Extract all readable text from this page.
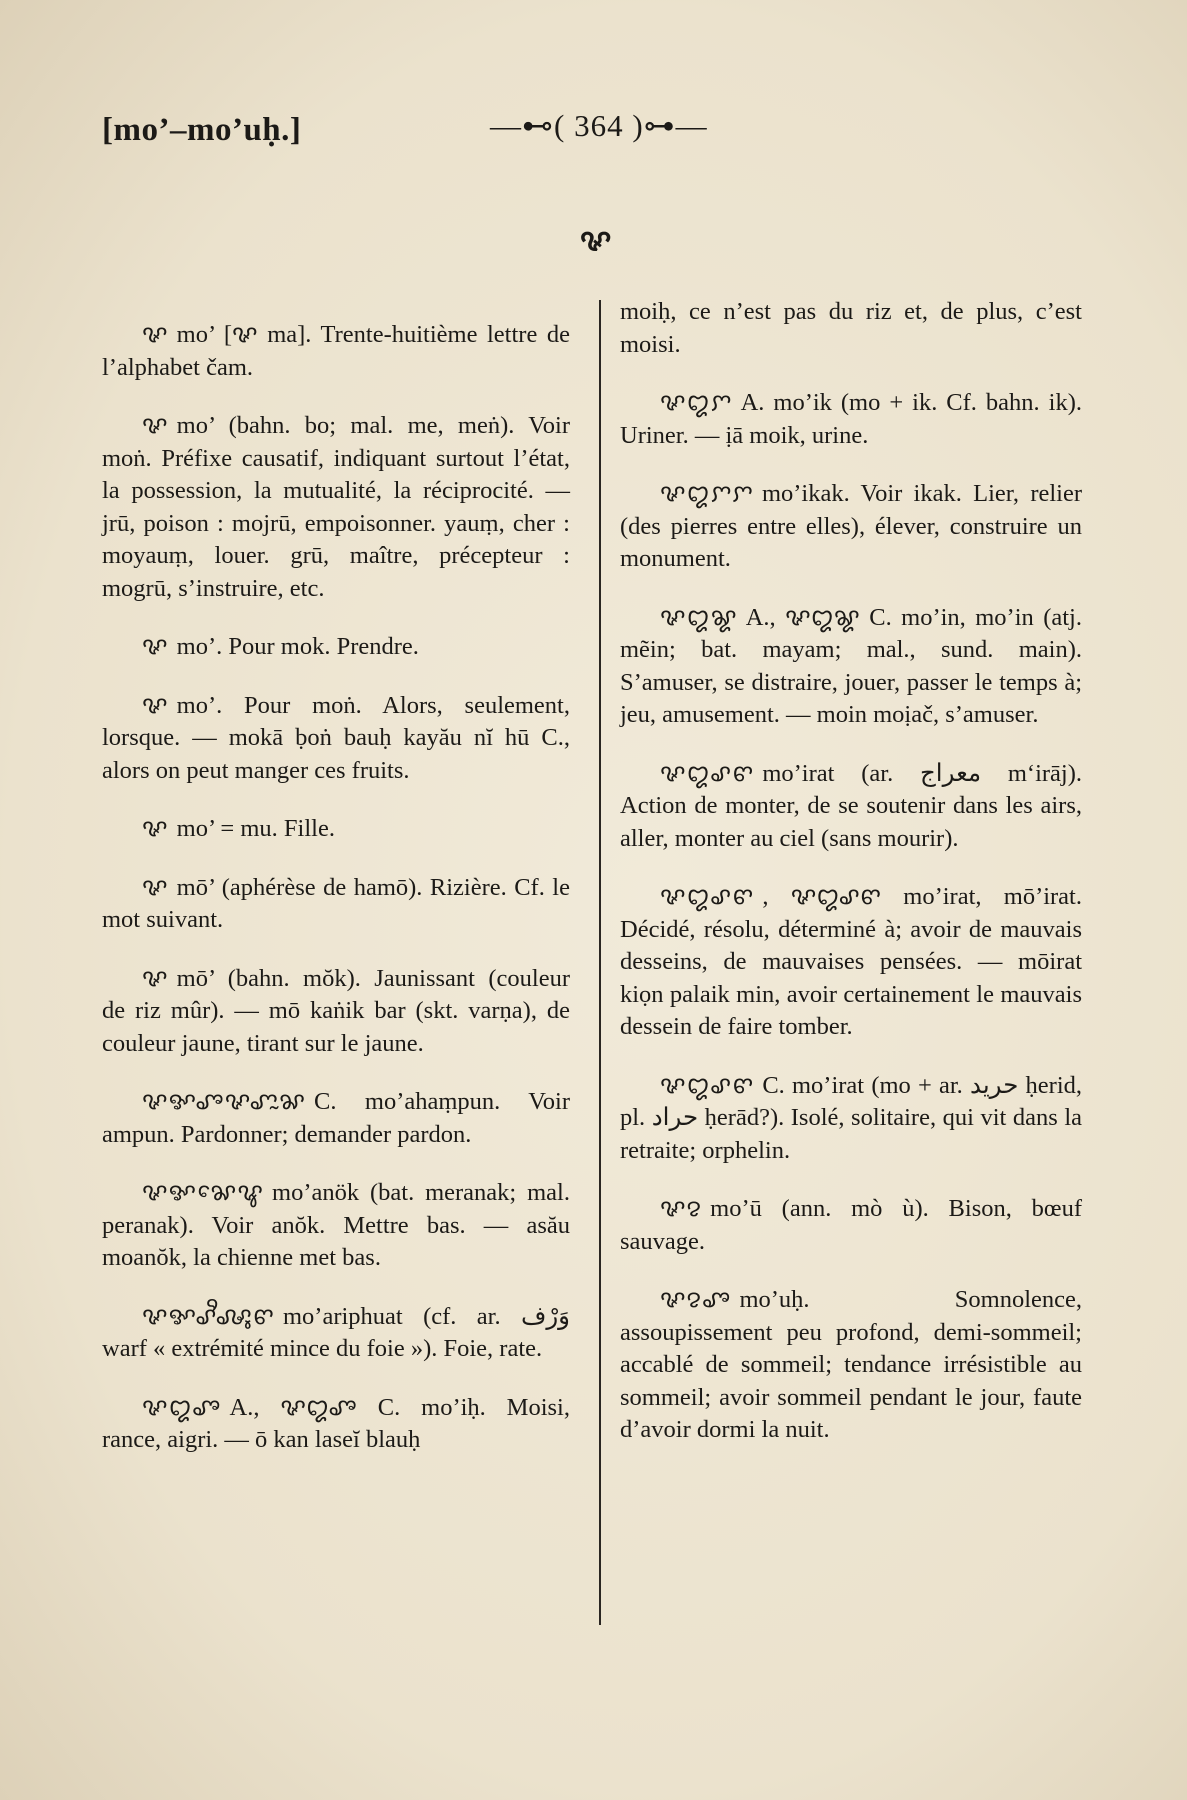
[mo’–mo’uḥ.]	—⊷( 364 )⊶—
ꨟ

ꨟ mo’ [ꨟ ma]. Trente-huitième lettre de l’alphabet čam.

ꨟ mo’ (bahn. bo; mal. me, meṅ). Voir moṅ. Préfixe causatif, indiquant surtout l’état, la possession, la mutualité, la réciprocité. — jrū, poison : mojrū, empoisonner. yauṃ, cher : moyauṃ, louer. grū, maître, précepteur : mogrū, s’instruire, etc.

ꨟ mo’. Pour mok. Prendre.

ꨟ mo’. Pour moṅ. Alors, seulement, lorsque. — mokā ḅoṅ bauḥ kayău nĭ hū C., alors on peut manger ces fruits.

ꨟ mo’ = mu. Fille.

ꨟ mō’ (aphérèse de hamō). Rizière. Cf. le mot suivant.

ꨟ mō’ (bahn. mŏk). Jaunissant (couleur de riz mûr). — mō kaṅik bar (skt. varṇa), de couleur jaune, tirant sur le jaune.

ꨟꨀꨨꨟꨚꨭꨗ C. mo’ahaṃpun. Voir ampun. Pardonner; demander pardon.

ꨟꨀꨗꨯꨥ mo’anök (bat. meranak; mal. peranak). Voir anŏk. Mettre bas. — asău moanŏk, la chienne met bas.

ꨟꨀꨣꨪꨜꨶꨓ mo’ariphuat (cf. ar. وَرْف warf « extrémité mince du foie »). Foie, rate.

ꨟꨁꨨ A., ꨟꨁꨨ C. mo’iḥ. Moisi, rance, aigri. — ō kan laseĭ blauḥ

moiḥ, ce n’est pas du riz et, de plus, c’est moisi.

ꨟꨁꨆ A. mo’ik (mo + ik. Cf. bahn. ik). Uriner. — ịā moik, urine.

ꨟꨁꨆꨆ mo’ikak. Voir ikak. Lier, relier (des pierres entre elles), élever, construire un monument.

ꨟꨁꨘ A., ꨟꨁꨘ C. mo’in, mo’in (atj. mẽin; bat. mayam; mal., sund. main). S’amuser, se distraire, jouer, passer le temps à; jeu, amusement. — moin moịač, s’amuser.

ꨟꨁꨣꨓ mo’irat (ar. معراج m‘irāj). Action de monter, de se soutenir dans les airs, aller, monter au ciel (sans mourir).

ꨟꨁꨣꨓ , ꨟꨁꨣꨓ mo’irat, mō’irat. Décidé, résolu, déterminé à; avoir de mauvais desseins, de mauvaises pensées. — mōirat kiọn palaik min, avoir certainement le mauvais dessein de faire tomber.

ꨟꨁꨣꨓ C. mo’irat (mo + ar. حريد ḥerid, pl. حراد ḥerād?). Isolé, solitaire, qui vit dans la retraite; orphelin.

ꨟꨂ mo’ū (ann. mò ù). Bison, bœuf sauvage.

ꨟꨂꨨ mo’uḥ. Somnolence, assoupissement peu profond, demi-sommeil; accablé de sommeil; tendance irrésistible au sommeil; avoir sommeil pendant le jour, faute d’avoir dormi la nuit.
